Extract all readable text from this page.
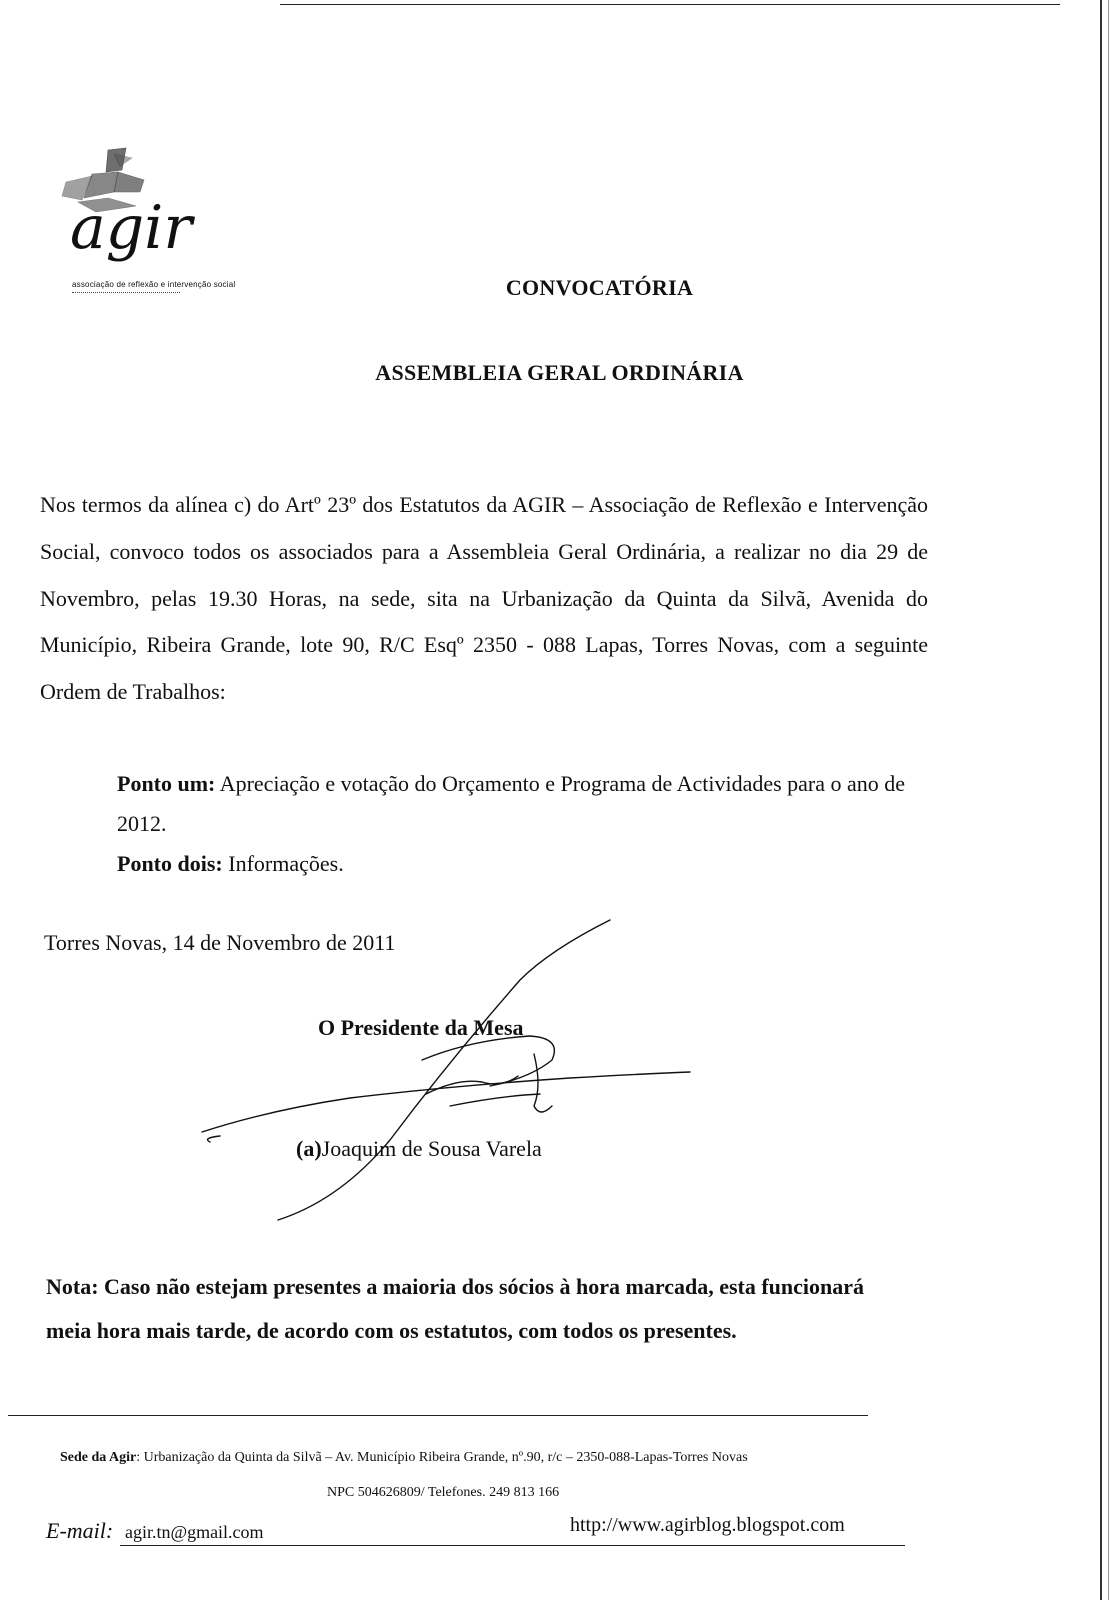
agir
associação de reflexão e intervenção social	CONVOCATÓRIA
ASSEMBLEIA GERAL ORDINÁRIA
Nos termos da alínea c) do Artº 23º dos Estatutos da AGIR – Associação de Reflexão e Intervenção Social, convoco todos os associados para a Assembleia Geral Ordinária, a realizar no dia 29 de Novembro, pelas 19.30 Horas, na sede, sita na Urbanização da Quinta da Silvã, Avenida do Município, Ribeira Grande, lote 90, R/C Esqº 2350 - 088 Lapas, Torres Novas, com a seguinte Ordem de Trabalhos:
Ponto um: Apreciação e votação do Orçamento e Programa de Actividades para o ano de 2012.
Ponto dois: Informações.
Torres Novas, 14 de Novembro de 2011
O Presidente da Mesa
(a)Joaquim de Sousa Varela
Nota: Caso não estejam presentes a maioria dos sócios à hora marcada, esta funcionará meia hora mais tarde, de acordo com os estatutos, com todos os presentes.
Sede da Agir: Urbanização da Quinta da Silvã – Av. Município Ribeira Grande, nº.90, r/c – 2350-088-Lapas-Torres Novas
NPC 504626809/ Telefones. 249 813 166
E-mail: agir.tn@gmail.com	http://www.agirblog.blogspot.com
